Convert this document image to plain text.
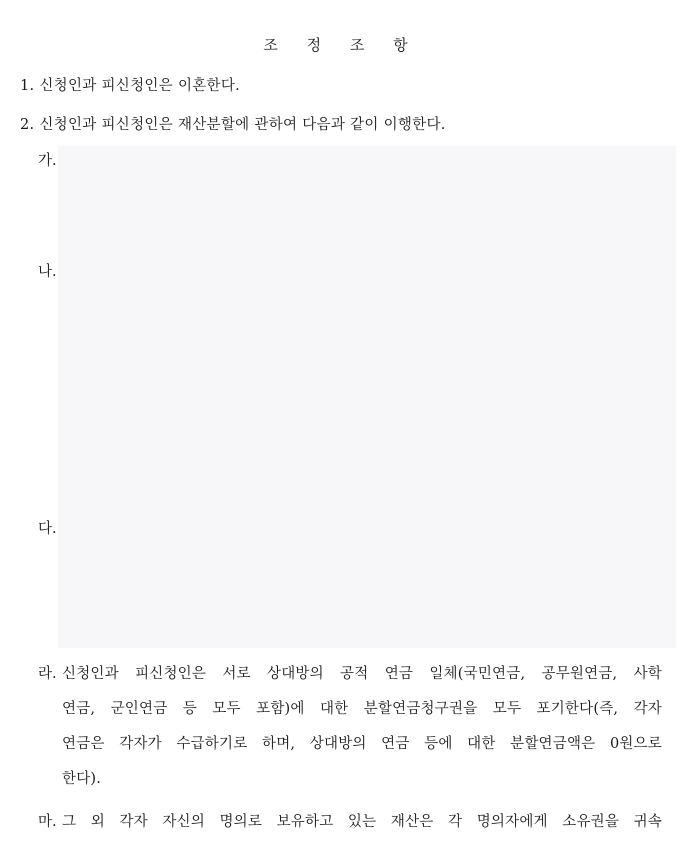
조 정 조 항
1. 신청인과 피신청인은 이혼한다.
2. 신청인과 피신청인은 재산분할에 관하여 다음과 같이 이행한다.
가.
나.
다.
라. 신청인과 피신청인은 서로 상대방의 공적 연금 일체(국민연금, 공무원연금, 사학
연금, 군인연금 등 모두 포함)에 대한 분할연금청구권을 모두 포기한다(즉, 각자
연금은 각자가 수급하기로 하며, 상대방의 연금 등에 대한 분할연금액은 0원으로
한다).
마. 그 외 각자 자신의 명의로 보유하고 있는 재산은 각 명의자에게 소유권을 귀속
